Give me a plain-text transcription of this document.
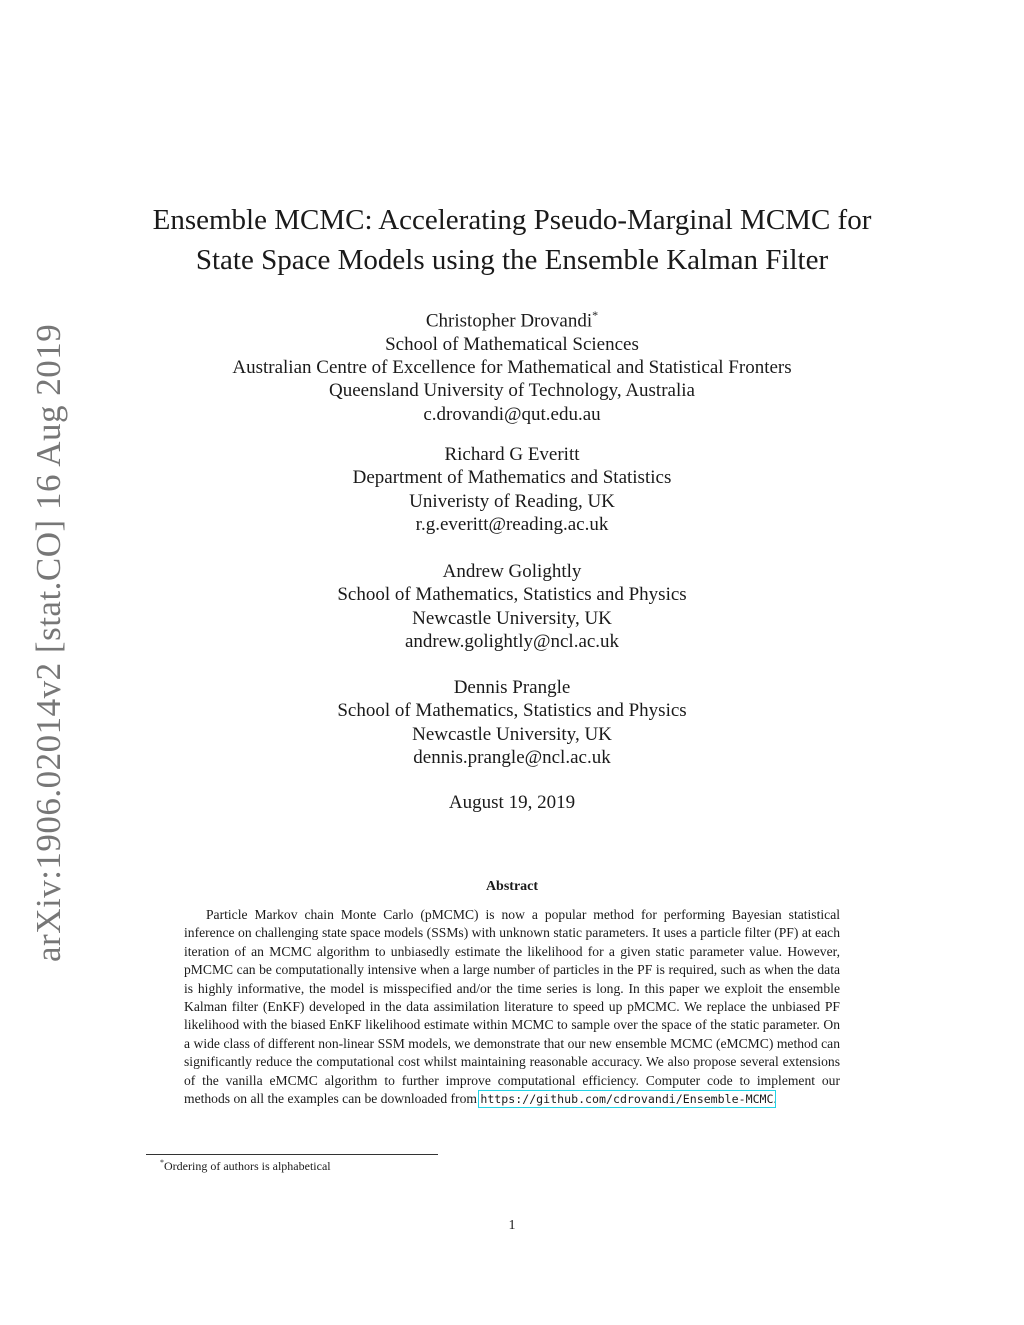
arXiv:1906.02014v2 [stat.CO] 16 Aug 2019
Ensemble MCMC: Accelerating Pseudo-Marginal MCMC for
State Space Models using the Ensemble Kalman Filter
Christopher Drovandi*
School of Mathematical Sciences
Australian Centre of Excellence for Mathematical and Statistical Fronters
Queensland University of Technology, Australia
c.drovandi@qut.edu.au
Richard G Everitt
Department of Mathematics and Statistics
Univeristy of Reading, UK
r.g.everitt@reading.ac.uk
Andrew Golightly
School of Mathematics, Statistics and Physics
Newcastle University, UK
andrew.golightly@ncl.ac.uk
Dennis Prangle
School of Mathematics, Statistics and Physics
Newcastle University, UK
dennis.prangle@ncl.ac.uk
August 19, 2019
Abstract
Particle Markov chain Monte Carlo (pMCMC) is now a popular method for performing Bayesian statistical inference on challenging state space models (SSMs) with unknown static parameters. It uses a particle filter (PF) at each iteration of an MCMC algorithm to unbiasedly estimate the likelihood for a given static parameter value. However, pMCMC can be computationally intensive when a large number of particles in the PF is required, such as when the data is highly informative, the model is misspecified and/or the time series is long. In this paper we exploit the ensemble Kalman filter (EnKF) developed in the data assimilation literature to speed up pMCMC. We replace the unbiased PF likelihood with the biased EnKF likelihood estimate within MCMC to sample over the space of the static parameter. On a wide class of different non-linear SSM models, we demonstrate that our new ensemble MCMC (eMCMC) method can significantly reduce the computational cost whilst maintaining reasonable accuracy. We also propose several extensions of the vanilla eMCMC algorithm to further improve computational efficiency. Computer code to implement our methods on all the examples can be downloaded from https://github.com/cdrovandi/Ensemble-MCMC.
*Ordering of authors is alphabetical
1
